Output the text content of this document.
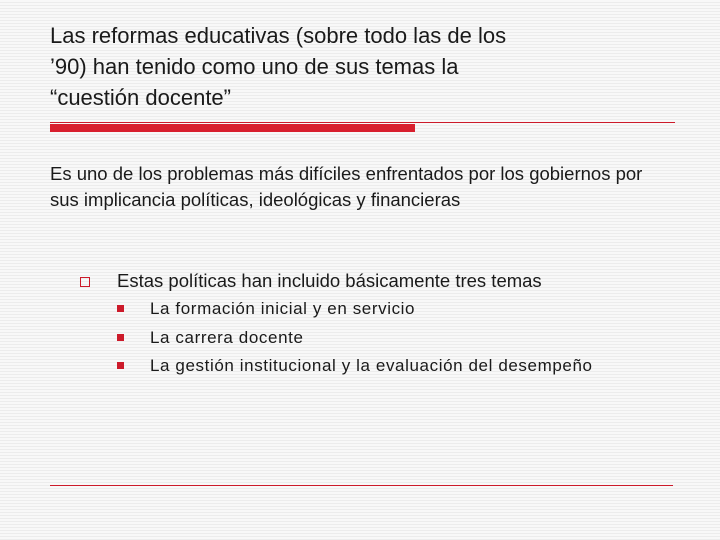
Las reformas educativas (sobre todo las de los
’90) han tenido como uno de sus temas la
“cuestión docente”

Es uno de los problemas más difíciles enfrentados por los gobiernos por sus implicancia políticas, ideológicas y financieras

Estas políticas han incluido básicamente tres temas
La formación inicial y en servicio
La carrera docente
La gestión institucional y la evaluación del desempeño
